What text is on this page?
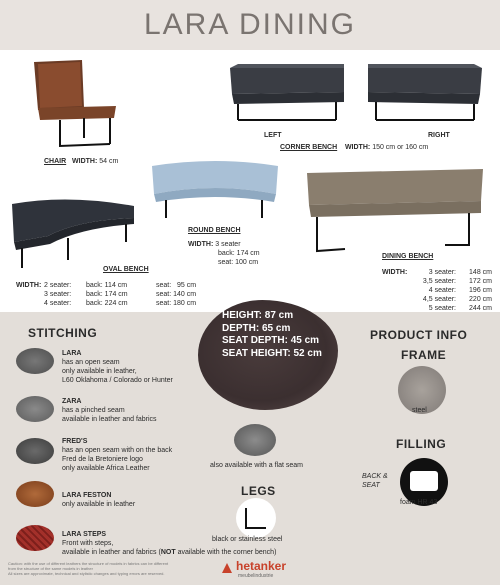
LARA DINING
CHAIR WIDTH: 54 cm
LEFT	RIGHT
CORNER BENCH WIDTH: 150 cm or 160 cm
ROUND BENCH
WIDTH: 3 seater
back: 174 cm
seat: 100 cm
OVAL BENCH
WIDTH: 2 seater: back: 114 cm	seat:   95 cm
3 seater: back: 174 cm	seat: 140 cm
4 seater: back: 224 cm	seat: 180 cm
DINING BENCH
WIDTH:	3 seater: 148 cm
3,5 seater: 172 cm
4 seater: 196 cm
4,5 seater: 220 cm
5 seater: 244 cm
HEIGHT: 87 cm
DEPTH: 65 cm
SEAT DEPTH: 45 cm
SEAT HEIGHT: 52 cm
STITCHING
LARA
has an open seam
only available in leather,
L60 Oklahoma / Colorado or Hunter
ZARA
has a pinched seam
available in leather and fabrics
FRED'S
has an open seam with on the back
Fred de la Bretoniere logo
only available Africa Leather
LARA FESTON
only available in leather
LARA STEPS
Front with steps,
available in leather and fabrics (NOT available with the corner bench)
also available with a flat seam
LEGS
black or stainless steel
PRODUCT INFO
FRAME
steel
FILLING
BACK &
SEAT
foam HR 43
Caution: with the use of different leathers the structure of models in fabrics can be different
from the structure of the same models in leather
All sizes are approximate, technical and stylistic changes and typing errors are reserved.
hetanker
meubelindustrie
